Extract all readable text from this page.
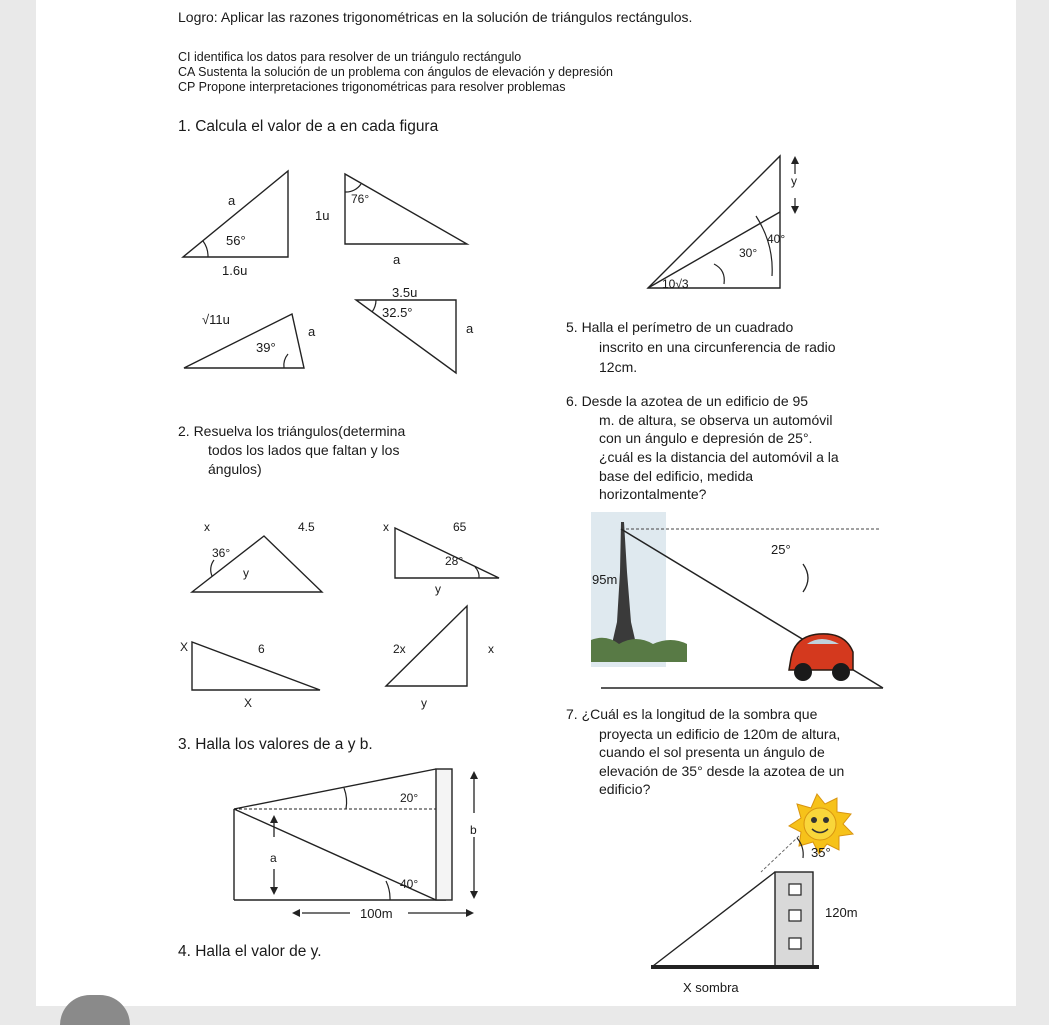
Logro: Aplicar las razones trigonométricas en la solución de triángulos rectángulos.
CI identifica los datos para resolver de un triángulo rectángulo
CA Sustenta la solución de un problema con ángulos de elevación y depresión
CP Propone interpretaciones trigonométricas para resolver problemas
1. Calcula el valor de a en cada figura
a
56°
1.6u
1u
76°
a
√11u
a
39°
3.5u
32.5°
a
y
30°
40°
10√3
5. Halla el perímetro de un cuadrado
inscrito en una circunferencia de radio
12cm.
6. Desde la azotea de un edificio de 95
m. de altura, se observa un automóvil
con un ángulo e depresión de 25°.
¿cuál es la distancia del automóvil a la
base del edificio, medida
horizontalmente?
2. Resuelva los triángulos(determina
todos los lados que faltan y los
ángulos)
x	4.5
36°
y
x	65
28°
y
X	6
X
2x	x
y
25°
95m
7. ¿Cuál es la longitud de la sombra que
proyecta un edificio de 120m de altura,
cuando el sol presenta un ángulo de
elevación de 35° desde la azotea de un
edificio?
3. Halla los valores de a y b.
20°
40°
a
b
100m
4. Halla el valor de y.
35°
120m
X sombra
